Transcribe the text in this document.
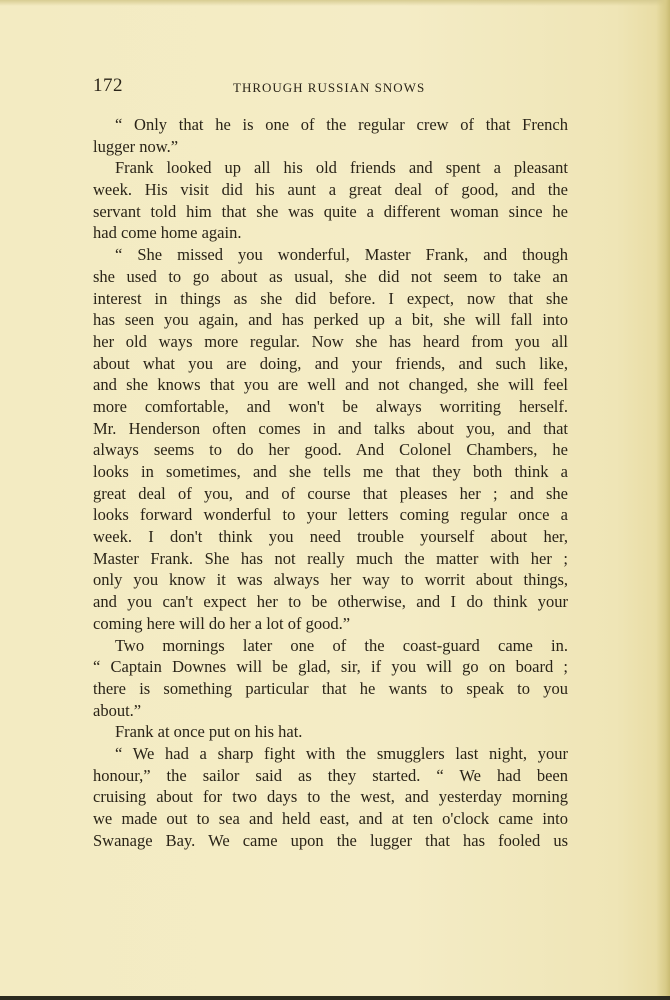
172	THROUGH RUSSIAN SNOWS
“ Only that he is one of the regular crew of that French
lugger now.”
Frank looked up all his old friends and spent a pleasant
week. His visit did his aunt a great deal of good, and the
servant told him that she was quite a different woman since he
had come home again.
“ She missed you wonderful, Master Frank, and though
she used to go about as usual, she did not seem to take an
interest in things as she did before. I expect, now that she
has seen you again, and has perked up a bit, she will fall into
her old ways more regular. Now she has heard from you all
about what you are doing, and your friends, and such like,
and she knows that you are well and not changed, she will feel
more comfortable, and won't be always worriting herself.
Mr. Henderson often comes in and talks about you, and that
always seems to do her good. And Colonel Chambers, he
looks in sometimes, and she tells me that they both think a
great deal of you, and of course that pleases her ; and she
looks forward wonderful to your letters coming regular once a
week. I don't think you need trouble yourself about her,
Master Frank. She has not really much the matter with her ;
only you know it was always her way to worrit about things,
and you can't expect her to be otherwise, and I do think your
coming here will do her a lot of good.”
Two mornings later one of the coast-guard came in.
“ Captain Downes will be glad, sir, if you will go on board ;
there is something particular that he wants to speak to you
about.”
Frank at once put on his hat.
“ We had a sharp fight with the smugglers last night, your
honour,” the sailor said as they started. “ We had been
cruising about for two days to the west, and yesterday morning
we made out to sea and held east, and at ten o'clock came into
Swanage Bay. We came upon the lugger that has fooled us
